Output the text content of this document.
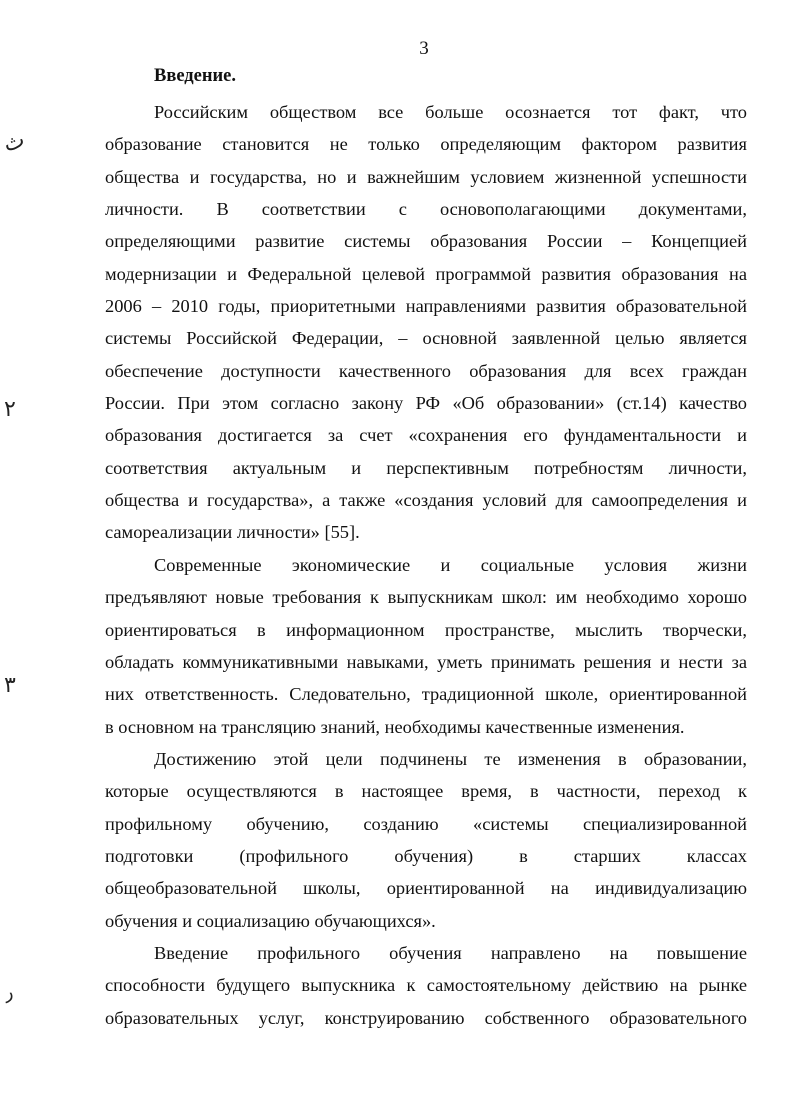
3
ث
۲
۳
ﺭ
Введение.

Российским обществом все больше осознается тот факт, что
образование становится не только определяющим фактором развития
общества и государства, но и важнейшим условием жизненной успешности
личности. В соответствии с основополагающими документами,
определяющими развитие системы образования России – Концепцией
модернизации и Федеральной целевой программой развития образования на
2006 – 2010 годы, приоритетными направлениями развития образовательной
системы Российской Федерации, – основной заявленной целью является
обеспечение доступности качественного образования для всех граждан
России. При этом согласно закону РФ «Об образовании» (ст.14) качество
образования достигается за счет «сохранения его фундаментальности и
соответствия актуальным и перспективным потребностям личности,
общества и государства», а также «создания условий для самоопределения и
самореализации личности» [55].

Современные экономические и социальные условия жизни
предъявляют новые требования к выпускникам школ: им необходимо хорошо
ориентироваться в информационном пространстве, мыслить творчески,
обладать коммуникативными навыками, уметь принимать решения и нести за
них ответственность. Следовательно, традиционной школе, ориентированной
в основном на трансляцию знаний, необходимы качественные изменения.

Достижению этой цели подчинены те изменения в образовании,
которые осуществляются в настоящее время, в частности, переход к
профильному обучению, созданию «системы специализированной
подготовки (профильного обучения) в старших классах
общеобразовательной школы, ориентированной на индивидуализацию
обучения и социализацию обучающихся».

Введение профильного обучения направлено на повышение
способности будущего выпускника к самостоятельному действию на рынке
образовательных услуг, конструированию собственного образовательного
